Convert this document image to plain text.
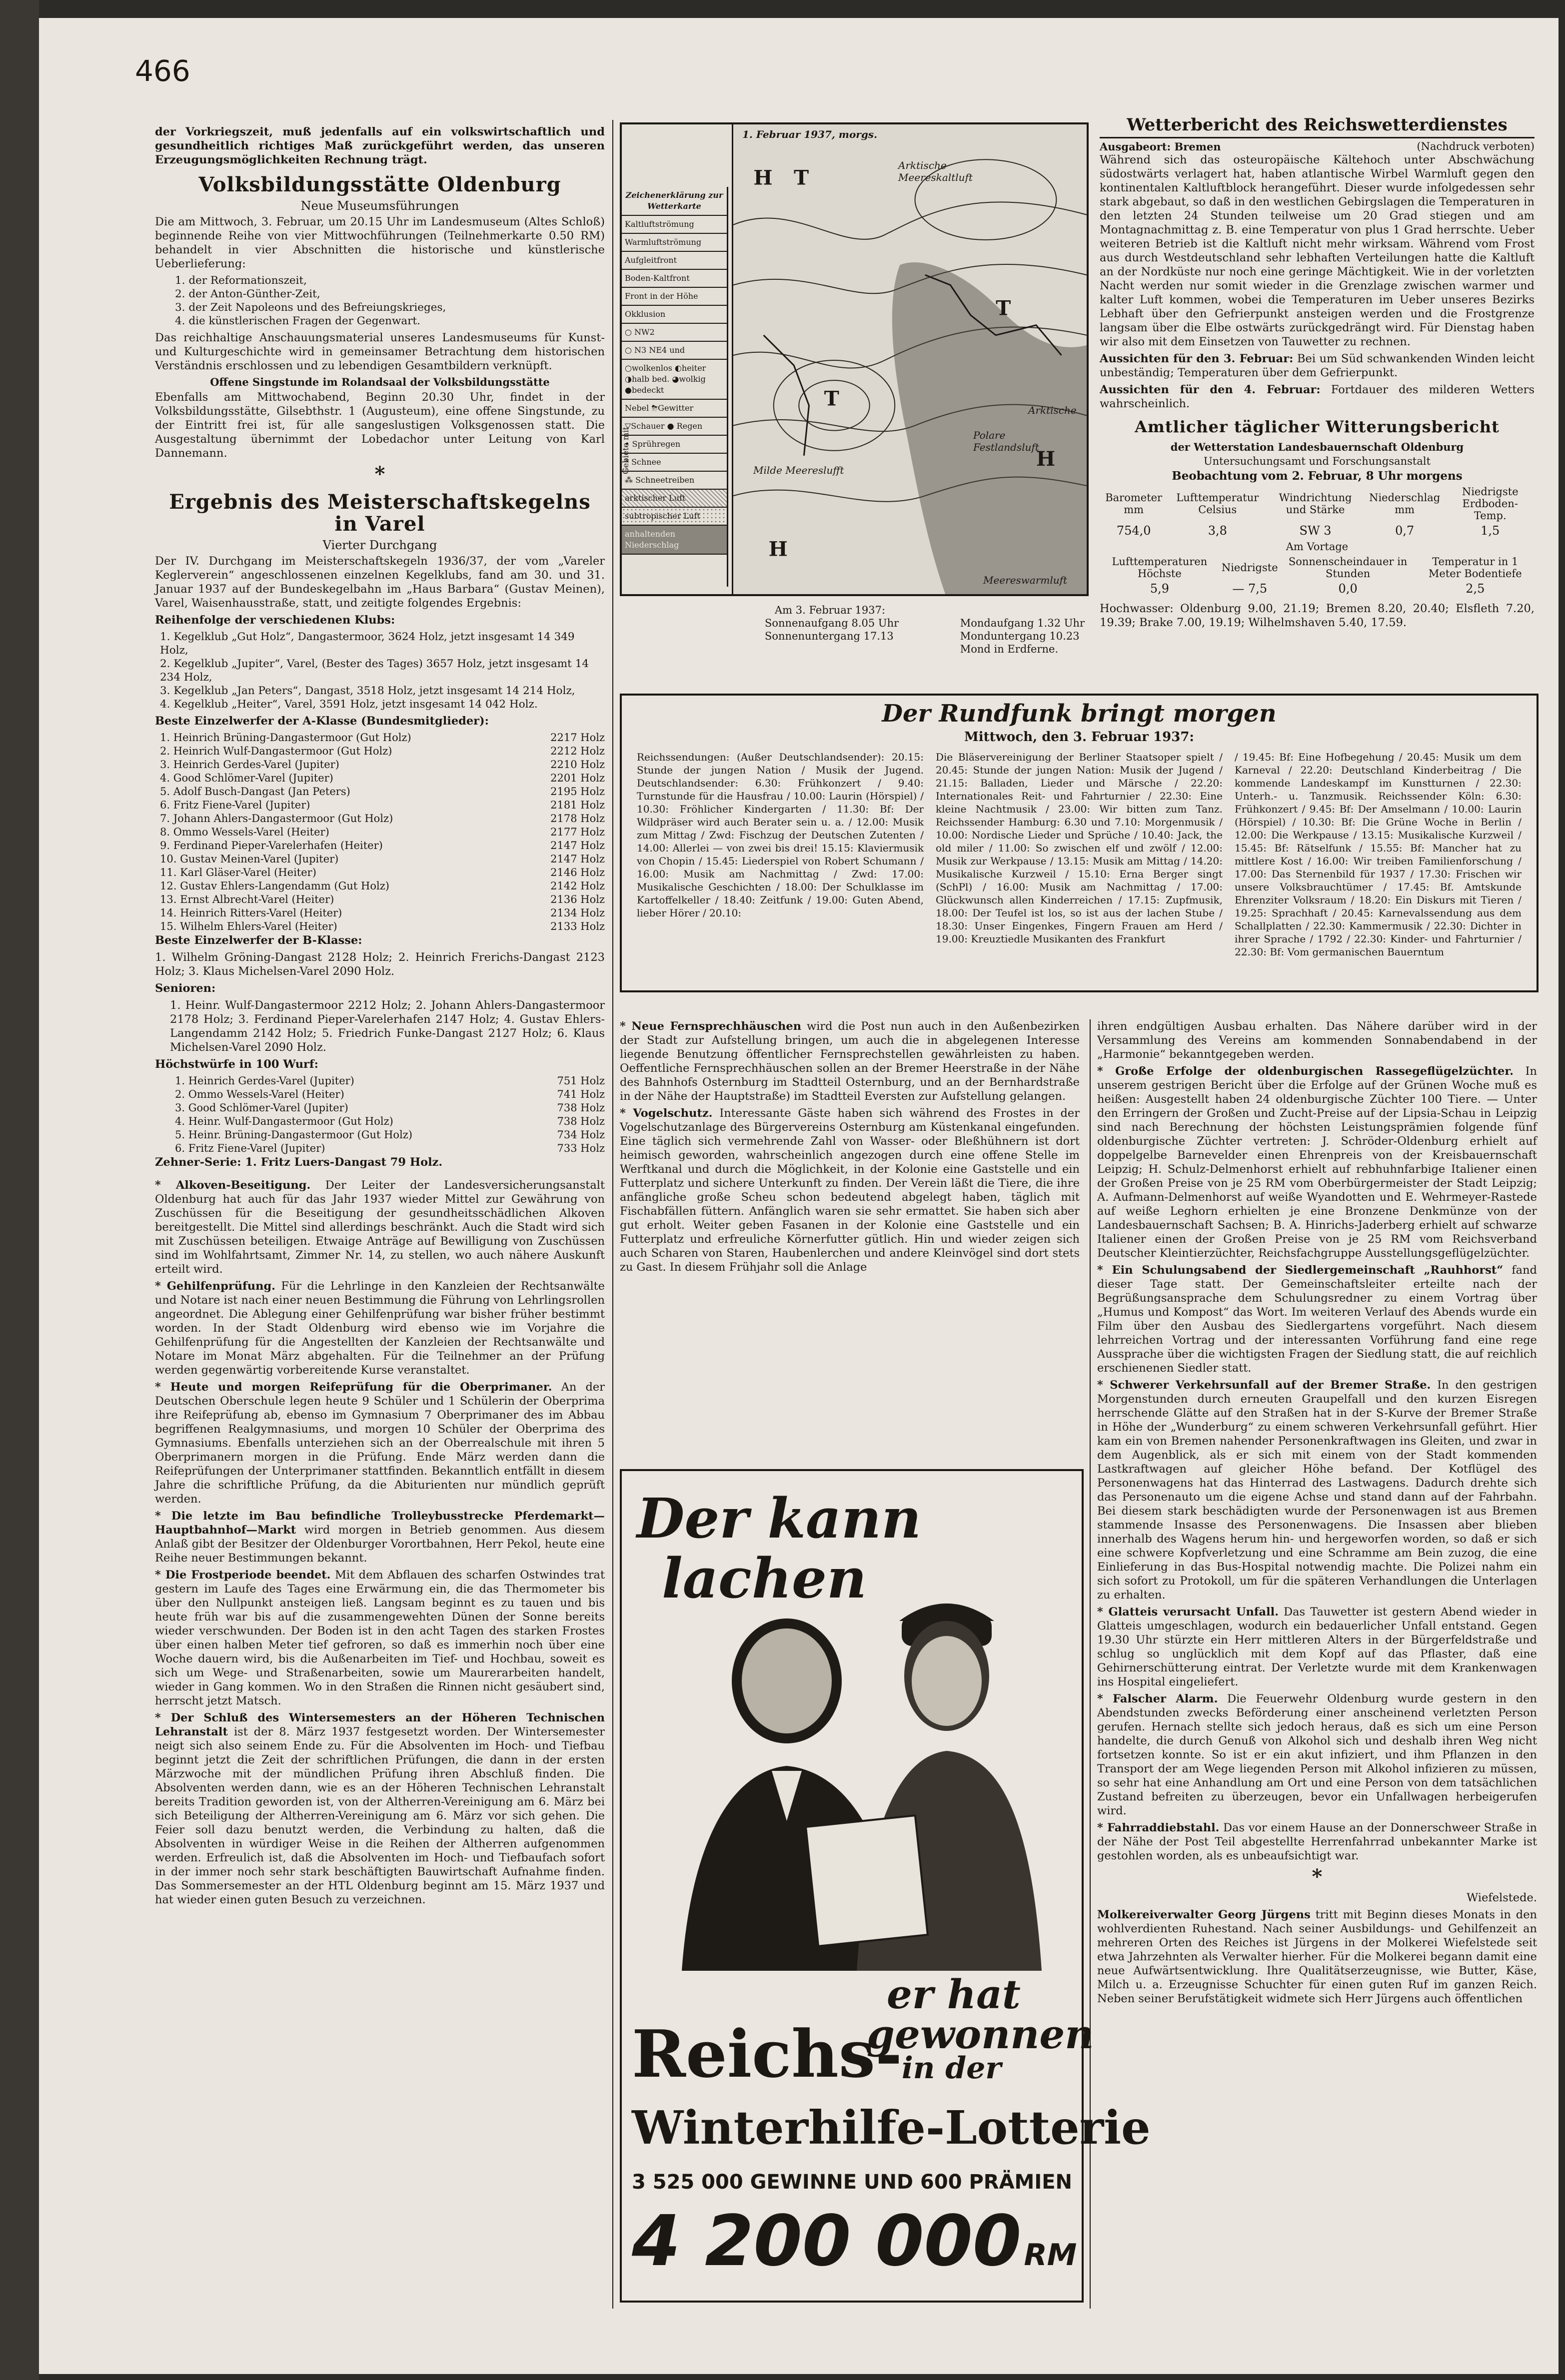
466

der Vorkriegszeit, muß jedenfalls auf ein volkswirtschaftlich und gesundheitlich richtiges Maß zurückgeführt werden, das unseren Erzeugungsmöglichkeiten Rechnung trägt.

Volksbildungsstätte Oldenburg
Neue Museumsführungen

Die am Mittwoch, 3. Februar, um 20.15 Uhr im Landesmuseum (Altes Schloß) beginnende Reihe von vier Mittwochführungen (Teilnehmerkarte 0.50 RM) behandelt in vier Abschnitten die historische und künstlerische Ueberlieferung:

1. der Reformationszeit,
2. der Anton-Günther-Zeit,
3. der Zeit Napoleons und des Befreiungskrieges,
4. die künstlerischen Fragen der Gegenwart.

Das reichhaltige Anschauungsmaterial unseres Landesmuseums für Kunst- und Kulturgeschichte wird in gemeinsamer Betrachtung dem historischen Verständnis erschlossen und zu lebendigen Gesamtbildern verknüpft.

Offene Singstunde im Rolandsaal der Volksbildungsstätte

Ebenfalls am Mittwochabend, Beginn 20.30 Uhr, findet in der Volksbildungsstätte, Gilsebthstr. 1 (Augusteum), eine offene Singstunde, zu der Eintritt frei ist, für alle sangeslustigen Volksgenossen statt. Die Ausgestaltung übernimmt der Lobedachor unter Leitung von Karl Dannemann.

*
Ergebnis des Meisterschaftskegelns in Varel
Vierter Durchgang

Der IV. Durchgang im Meisterschaftskegeln 1936/37, der vom „Vareler Keglerverein“ angeschlossenen einzelnen Kegelklubs, fand am 30. und 31. Januar 1937 auf der Bundeskegelbahn im „Haus Barbara“ (Gustav Meinen), Varel, Waisenhausstraße, statt, und zeitigte folgendes Ergebnis:

Reihenfolge der verschiedenen Klubs:
1. Kegelklub „Gut Holz“, Dangastermoor, 3624 Holz, jetzt insgesamt 14 349 Holz,
2. Kegelklub „Jupiter“, Varel, (Bester des Tages) 3657 Holz, jetzt insgesamt 14 234 Holz,
3. Kegelklub „Jan Peters“, Dangast, 3518 Holz, jetzt insgesamt 14 214 Holz,
4. Kegelklub „Heiter“, Varel, 3591 Holz, jetzt insgesamt 14 042 Holz.
Beste Einzelwerfer der A-Klasse (Bundesmitglieder):
1. Heinrich Brüning-Dangastermoor (Gut Holz)	2217 Holz
2. Heinrich Wulf-Dangastermoor (Gut Holz)	2212 Holz
3. Heinrich Gerdes-Varel (Jupiter)	2210 Holz
4. Good Schlömer-Varel (Jupiter)	2201 Holz
5. Adolf Busch-Dangast (Jan Peters)	2195 Holz
6. Fritz Fiene-Varel (Jupiter)	2181 Holz
7. Johann Ahlers-Dangastermoor (Gut Holz)	2178 Holz
8. Ommo Wessels-Varel (Heiter)	2177 Holz
9. Ferdinand Pieper-Varelerhafen (Heiter)	2147 Holz
10. Gustav Meinen-Varel (Jupiter)	2147 Holz
11. Karl Gläser-Varel (Heiter)	2146 Holz
12. Gustav Ehlers-Langendamm (Gut Holz)	2142 Holz
13. Ernst Albrecht-Varel (Heiter)	2136 Holz
14. Heinrich Ritters-Varel (Heiter)	2134 Holz
15. Wilhelm Ehlers-Varel (Heiter)	2133 Holz
Beste Einzelwerfer der B-Klasse:

1. Wilhelm Gröning-Dangast 2128 Holz; 2. Heinrich Frerichs-Dangast 2123 Holz; 3. Klaus Michelsen-Varel 2090 Holz.

Senioren:

1. Heinr. Wulf-Dangastermoor 2212 Holz; 2. Johann Ahlers-Dangastermoor 2178 Holz; 3. Ferdinand Pieper-Varelerhafen 2147 Holz; 4. Gustav Ehlers-Langendamm 2142 Holz; 5. Friedrich Funke-Dangast 2127 Holz; 6. Klaus Michelsen-Varel 2090 Holz.

Höchstwürfe in 100 Wurf:
1. Heinrich Gerdes-Varel (Jupiter)	751 Holz
2. Ommo Wessels-Varel (Heiter)	741 Holz
3. Good Schlömer-Varel (Jupiter)	738 Holz
4. Heinr. Wulf-Dangastermoor (Gut Holz)	738 Holz
5. Heinr. Brüning-Dangastermoor (Gut Holz)	734 Holz
6. Fritz Fiene-Varel (Jupiter)	733 Holz
Zehner-Serie: 1. Fritz Luers-Dangast 79 Holz.

* Alkoven-Beseitigung. Der Leiter der Landesversicherungsanstalt Oldenburg hat auch für das Jahr 1937 wieder Mittel zur Gewährung von Zuschüssen für die Beseitigung der gesundheitsschädlichen Alkoven bereitgestellt. Die Mittel sind allerdings beschränkt. Auch die Stadt wird sich mit Zuschüssen beteiligen. Etwaige Anträge auf Bewilligung von Zuschüssen sind im Wohlfahrtsamt, Zimmer Nr. 14, zu stellen, wo auch nähere Auskunft erteilt wird.

* Gehilfenprüfung. Für die Lehrlinge in den Kanzleien der Rechtsanwälte und Notare ist nach einer neuen Bestimmung die Führung von Lehrlingsrollen angeordnet. Die Ablegung einer Gehilfenprüfung war bisher früher bestimmt worden. In der Stadt Oldenburg wird ebenso wie im Vorjahre die Gehilfenprüfung für die Angestellten der Kanzleien der Rechtsanwälte und Notare im Monat März abgehalten. Für die Teilnehmer an der Prüfung werden gegenwärtig vorbereitende Kurse veranstaltet.

* Heute und morgen Reifeprüfung für die Oberprimaner. An der Deutschen Oberschule legen heute 9 Schüler und 1 Schülerin der Oberprima ihre Reifeprüfung ab, ebenso im Gymnasium 7 Oberprimaner des im Abbau begriffenen Realgymnasiums, und morgen 10 Schüler der Oberprima des Gymnasiums. Ebenfalls unterziehen sich an der Oberrealschule mit ihren 5 Oberprimanern morgen in die Prüfung. Ende März werden dann die Reifeprüfungen der Unterprimaner stattfinden. Bekanntlich entfällt in diesem Jahre die schriftliche Prüfung, da die Abiturienten nur mündlich geprüft werden.

* Die letzte im Bau befindliche Trolleybusstrecke Pferdemarkt—Hauptbahnhof—Markt wird morgen in Betrieb genommen. Aus diesem Anlaß gibt der Besitzer der Oldenburger Vorortbahnen, Herr Pekol, heute eine Reihe neuer Bestimmungen bekannt.

* Die Frostperiode beendet. Mit dem Abflauen des scharfen Ostwindes trat gestern im Laufe des Tages eine Erwärmung ein, die das Thermometer bis über den Nullpunkt ansteigen ließ. Langsam beginnt es zu tauen und bis heute früh war bis auf die zusammengewehten Dünen der Sonne bereits wieder verschwunden. Der Boden ist in den acht Tagen des starken Frostes über einen halben Meter tief gefroren, so daß es immerhin noch über eine Woche dauern wird, bis die Außenarbeiten im Tief- und Hochbau, soweit es sich um Wege- und Straßenarbeiten, sowie um Maurerarbeiten handelt, wieder in Gang kommen. Wo in den Straßen die Rinnen nicht gesäubert sind, herrscht jetzt Matsch.

* Der Schluß des Wintersemesters an der Höheren Technischen Lehranstalt ist der 8. März 1937 festgesetzt worden. Der Wintersemester neigt sich also seinem Ende zu. Für die Absolventen im Hoch- und Tiefbau beginnt jetzt die Zeit der schriftlichen Prüfungen, die dann in der ersten Märzwoche mit der mündlichen Prüfung ihren Abschluß finden. Die Absolventen werden dann, wie es an der Höheren Technischen Lehranstalt bereits Tradition geworden ist, von der Altherren-Vereinigung am 6. März bei sich Beteiligung der Altherren-Vereinigung am 6. März vor sich gehen. Die Feier soll dazu benutzt werden, die Verbindung zu halten, daß die Absolventen in würdiger Weise in die Reihen der Altherren aufgenommen werden. Erfreulich ist, daß die Absolventen im Hoch- und Tiefbaufach sofort in der immer noch sehr stark beschäftigten Bauwirtschaft Aufnahme finden. Das Sommersemester an der HTL Oldenburg beginnt am 15. März 1937 und hat wieder einen guten Besuch zu verzeichnen.

Zeichenerklärung zur Wetterkarte
Kaltluftströmung
Warmluftströmung
Aufgleitfront
Boden-Kaltfront
Front in der Höhe
Okklusion
○ NW2
○ N3 NE4 und
○wolkenlos ◐heiter ◑halb bed. ◕wolkig ●bedeckt
Nebel ⛈Gewitter
▽Schauer ● Regen
• Sprühregen
* Schnee
⁂ Schneetreiben
arktischer Luft
subtropischer Luft
anhaltenden Niederschlag
H T
T
H
H
T
1. Februar 1937, morgs.
Arktische Meereskaltluft
Arktische
Polare Festlandsluft
Milde Meereslufft
Meereswarmluft
Gebiete mit
Am 3. Februar 1937:
Sonnenaufgang 8.05 Uhr
Sonnenuntergang 17.13
Mondaufgang 1.32 Uhr
Monduntergang 10.23
Mond in Erdferne.
Wetterbericht des Reichswetterdienstes
Ausgabeort: Bremen	(Nachdruck verboten)

Während sich das osteuropäische Kältehoch unter Abschwächung südostwärts verlagert hat, haben atlantische Wirbel Warmluft gegen den kontinentalen Kaltluftblock herangeführt. Dieser wurde infolgedessen sehr stark abgebaut, so daß in den westlichen Gebirgslagen die Temperaturen in den letzten 24 Stunden teilweise um 20 Grad stiegen und am Montagnachmittag z. B. eine Temperatur von plus 1 Grad herrschte. Ueber weiteren Betrieb ist die Kaltluft nicht mehr wirksam. Während vom Frost aus durch Westdeutschland sehr lebhaften Verteilungen hatte die Kaltluft an der Nordküste nur noch eine geringe Mächtigkeit. Wie in der vorletzten Nacht werden nur somit wieder in die Grenzlage zwischen warmer und kalter Luft kommen, wobei die Temperaturen im Ueber unseres Bezirks Lebhaft über den Gefrierpunkt ansteigen werden und die Frostgrenze langsam über die Elbe ostwärts zurückgedrängt wird. Für Dienstag haben wir also mit dem Einsetzen von Tauwetter zu rechnen.

Aussichten für den 3. Februar: Bei um Süd schwankenden Winden leicht unbeständig; Temperaturen über dem Gefrierpunkt.

Aussichten für den 4. Februar: Fortdauer des milderen Wetters wahrscheinlich.

Amtlicher täglicher Witterungsbericht
der Wetterstation Landesbauernschaft Oldenburg
Untersuchungsamt und Forschungsanstalt
Beobachtung vom 2. Februar, 8 Uhr morgens
Barometer mm	Lufttemperatur Celsius	Windrichtung und Stärke	Niederschlag mm	Niedrigste Erdboden-Temp.
754,0	3,8	SW 3	0,7	1,5
Am Vortage
Lufttemperaturen Höchste	Niedrigste	Sonnenscheindauer in Stunden	Temperatur in 1 Meter Bodentiefe
5,9	— 7,5	0,0	2,5

Hochwasser: Oldenburg 9.00, 21.19; Bremen 8.20, 20.40; Elsfleth 7.20, 19.39; Brake 7.00, 19.19; Wilhelmshaven 5.40, 17.59.

Der Rundfunk bringt morgen
Mittwoch, den 3. Februar 1937:

Reichssendungen: (Außer Deutschlandsender): 20.15: Stunde der jungen Nation / Musik der Jugend. Deutschlandsender: 6.30: Frühkonzert / 9.40: Turnstunde für die Hausfrau / 10.00: Laurin (Hörspiel) / 10.30: Fröhlicher Kindergarten / 11.30: Bf: Der Wildpräser wird auch Berater sein u. a. / 12.00: Musik zum Mittag / Zwd: Fischzug der Deutschen Zutenten / 14.00: Allerlei — von zwei bis drei! 15.15: Klaviermusik von Chopin / 15.45: Liederspiel von Robert Schumann / 16.00: Musik am Nachmittag / Zwd: 17.00: Musikalische Geschichten / 18.00: Der Schulklasse im Kartoffelkeller / 18.40: Zeitfunk / 19.00: Guten Abend, lieber Hörer / 20.10:

Die Bläservereinigung der Berliner Staatsoper spielt / 20.45: Stunde der jungen Nation: Musik der Jugend / 21.15: Balladen, Lieder und Märsche / 22.20: Internationales Reit- und Fahrturnier / 22.30: Eine kleine Nachtmusik / 23.00: Wir bitten zum Tanz. Reichssender Hamburg: 6.30 und 7.10: Morgenmusik / 10.00: Nordische Lieder und Sprüche / 10.40: Jack, the old miler / 11.00: So zwischen elf und zwölf / 12.00: Musik zur Werkpause / 13.15: Musik am Mittag / 14.20: Musikalische Kurzweil / 15.10: Erna Berger singt (SchPl) / 16.00: Musik am Nachmittag / 17.00: Glückwunsch allen Kinderreichen / 17.15: Zupfmusik, 18.00: Der Teufel ist los, so ist aus der lachen Stube / 18.30: Unser Eingenkes, Fingern Frauen am Herd / 19.00: Kreuztiedle Musikanten des Frankfurt

/ 19.45: Bf: Eine Hofbegehung / 20.45: Musik um dem Karneval / 22.20: Deutschland Kinderbeitrag / Die kommende Landeskampf im Kunstturnen / 22.30: Unterh.- u. Tanzmusik. Reichssender Köln: 6.30: Frühkonzert / 9.45: Bf: Der Amselmann / 10.00: Laurin (Hörspiel) / 10.30: Bf: Die Grüne Woche in Berlin / 12.00: Die Werkpause / 13.15: Musikalische Kurzweil / 15.45: Bf: Rätselfunk / 15.55: Bf: Mancher hat zu mittlere Kost / 16.00: Wir treiben Familienforschung / 17.00: Das Sternenbild für 1937 / 17.30: Frischen wir unsere Volksbrauchtümer / 17.45: Bf. Amtskunde Ehrenziter Volksraum / 18.20: Ein Diskurs mit Tieren / 19.25: Sprachhaft / 20.45: Karnevalssendung aus dem Schallplatten / 22.30: Kammermusik / 22.30: Dichter in ihrer Sprache / 1792 / 22.30: Kinder- und Fahrturnier / 22.30: Bf: Vom germanischen Bauerntum

* Neue Fernsprechhäuschen wird die Post nun auch in den Außenbezirken der Stadt zur Aufstellung bringen, um auch die in abgelegenen Interesse liegende Benutzung öffentlicher Fernsprechstellen gewährleisten zu haben. Oeffentliche Fernsprechhäuschen sollen an der Bremer Heerstraße in der Nähe des Bahnhofs Osternburg im Stadtteil Osternburg, und an der Bernhardstraße in der Nähe der Hauptstraße) im Stadtteil Eversten zur Aufstellung gelangen.

* Vogelschutz. Interessante Gäste haben sich während des Frostes in der Vogelschutzanlage des Bürgervereins Osternburg am Küstenkanal eingefunden. Eine täglich sich vermehrende Zahl von Wasser- oder Bleßhühnern ist dort heimisch geworden, wahrscheinlich angezogen durch eine offene Stelle im Werftkanal und durch die Möglichkeit, in der Kolonie eine Gaststelle und ein Futterplatz und sichere Unterkunft zu finden. Der Verein läßt die Tiere, die ihre anfängliche große Scheu schon bedeutend abgelegt haben, täglich mit Fischabfällen füttern. Anfänglich waren sie sehr ermattet. Sie haben sich aber gut erholt. Weiter geben Fasanen in der Kolonie eine Gaststelle und ein Futterplatz und erfreuliche Körnerfutter gütlich. Hin und wieder zeigen sich auch Scharen von Staren, Haubenlerchen und andere Kleinvögel sind dort stets zu Gast. In diesem Frühjahr soll die Anlage

ihren endgültigen Ausbau erhalten. Das Nähere darüber wird in der Versammlung des Vereins am kommenden Sonnabendabend in der „Harmonie“ bekanntgegeben werden.

* Große Erfolge der oldenburgischen Rassegeflügelzüchter. In unserem gestrigen Bericht über die Erfolge auf der Grünen Woche muß es heißen: Ausgestellt haben 24 oldenburgische Züchter 100 Tiere. — Unter den Erringern der Großen und Zucht-Preise auf der Lipsia-Schau in Leipzig sind nach Berechnung der höchsten Leistungsprämien folgende fünf oldenburgische Züchter vertreten: J. Schröder-Oldenburg erhielt auf doppelgelbe Barnevelder einen Ehrenpreis von der Kreisbauernschaft Leipzig; H. Schulz-Delmenhorst erhielt auf rebhuhnfarbige Italiener einen der Großen Preise von je 25 RM vom Oberbürgermeister der Stadt Leipzig; A. Aufmann-Delmenhorst auf weiße Wyandotten und E. Wehrmeyer-Rastede auf weiße Leghorn erhielten je eine Bronzene Denkmünze von der Landesbauernschaft Sachsen; B. A. Hinrichs-Jaderberg erhielt auf schwarze Italiener einen der Großen Preise von je 25 RM vom Reichsverband Deutscher Kleintierzüchter, Reichsfachgruppe Ausstellungsgeflügelzüchter.

* Ein Schulungsabend der Siedlergemeinschaft „Rauhhorst“ fand dieser Tage statt. Der Gemeinschaftsleiter erteilte nach der Begrüßungsansprache dem Schulungsredner zu einem Vortrag über „Humus und Kompost“ das Wort. Im weiteren Verlauf des Abends wurde ein Film über den Ausbau des Siedlergartens vorgeführt. Nach diesem lehrreichen Vortrag und der interessanten Vorführung fand eine rege Aussprache über die wichtigsten Fragen der Siedlung statt, die auf reichlich erschienenen Siedler statt.

* Schwerer Verkehrsunfall auf der Bremer Straße. In den gestrigen Morgenstunden durch erneuten Graupelfall und den kurzen Eisregen herrschende Glätte auf den Straßen hat in der S-Kurve der Bremer Straße in Höhe der „Wunderburg“ zu einem schweren Verkehrsunfall geführt. Hier kam ein von Bremen nahender Personenkraftwagen ins Gleiten, und zwar in dem Augenblick, als er sich mit einem von der Stadt kommenden Lastkraftwagen auf gleicher Höhe befand. Der Kotflügel des Personenwagens hat das Hinterrad des Lastwagens. Dadurch drehte sich das Personenauto um die eigene Achse und stand dann auf der Fahrbahn. Bei diesem stark beschädigten wurde der Personenwagen ist aus Bremen stammende Insasse des Personenwagens. Die Insassen aber blieben innerhalb des Wagens herum hin- und hergeworfen worden, so daß er sich eine schwere Kopfverletzung und eine Schramme am Bein zuzog, die eine Einlieferung in das Bus-Hospital notwendig machte. Die Polizei nahm ein sich sofort zu Protokoll, um für die späteren Verhandlungen die Unterlagen zu erhalten.

* Glatteis verursacht Unfall. Das Tauwetter ist gestern Abend wieder in Glatteis umgeschlagen, wodurch ein bedauerlicher Unfall entstand. Gegen 19.30 Uhr stürzte ein Herr mittleren Alters in der Bürgerfeldstraße und schlug so unglücklich mit dem Kopf auf das Pflaster, daß eine Gehirnerschütterung eintrat. Der Verletzte wurde mit dem Krankenwagen ins Hospital eingeliefert.

* Falscher Alarm. Die Feuerwehr Oldenburg wurde gestern in den Abendstunden zwecks Beförderung einer anscheinend verletzten Person gerufen. Hernach stellte sich jedoch heraus, daß es sich um eine Person handelte, die durch Genuß von Alkohol sich und deshalb ihren Weg nicht fortsetzen konnte. So ist er ein akut infiziert, und ihm Pflanzen in den Transport der am Wege liegenden Person mit Alkohol infizieren zu müssen, so sehr hat eine Anhandlung am Ort und eine Person von dem tatsächlichen Zustand befreiten zu überzeugen, bevor ein Unfallwagen herbeigerufen wird.

* Fahrraddiebstahl. Das vor einem Hause an der Donnerschweer Straße in der Nähe der Post Teil abgestellte Herrenfahrrad unbekannter Marke ist gestohlen worden, als es unbeaufsichtigt war.

*
Wiefelstede.

Molkereiverwalter Georg Jürgens tritt mit Beginn dieses Monats in den wohlverdienten Ruhestand. Nach seiner Ausbildungs- und Gehilfenzeit an mehreren Orten des Reiches ist Jürgens in der Molkerei Wiefelstede seit etwa Jahrzehnten als Verwalter hierher. Für die Molkerei begann damit eine neue Aufwärtsentwicklung. Ihre Qualitätserzeugnisse, wie Butter, Käse, Milch u. a. Erzeugnisse Schuchter für einen guten Ruf im ganzen Reich. Neben seiner Berufstätigkeit widmete sich Herr Jürgens auch öffentlichen

Der kann
lachen
er hat
gewonnen
in der
Reichs-
Winterhilfe-Lotterie
3 525 000 GEWINNE UND 600 PRÄMIEN
4 200 000 RM
